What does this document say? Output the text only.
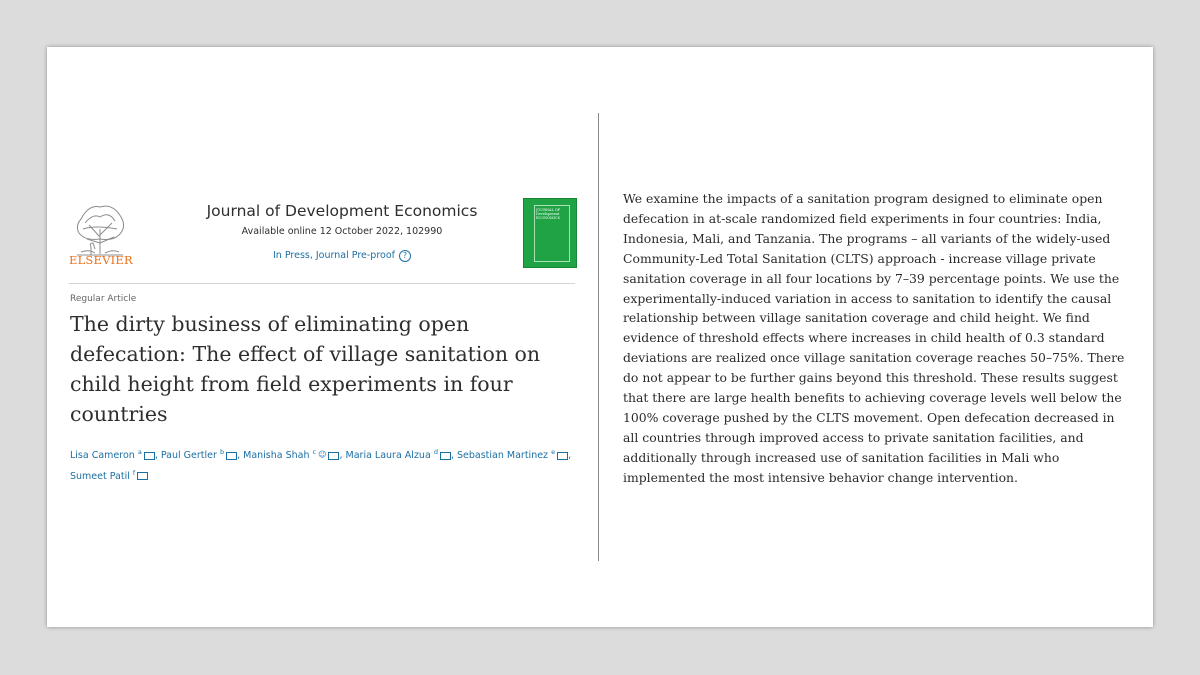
ELSEVIER
Journal of Development Economics
Available online 12 October 2022, 102990
In Press, Journal Pre-proof	?
JOURNAL OF Development ECONOMICS
Regular Article
The dirty business of eliminating open defecation: The effect of village sanitation on child height from field experiments in four countries
Lisa Cameron $^a$ , Paul Gertler $^b$ , Manisha Shah $^c$ ☺ , Maria Laura Alzua $^d$ , Sebastian Martinez $^e$ , Sumeet Patil $^f$

We examine the impacts of a sanitation program designed to eliminate open defecation in at-scale randomized field experiments in four countries: India, Indonesia, Mali, and Tanzania. The programs – all variants of the widely-used Community-Led Total Sanitation (CLTS) approach - increase village private sanitation coverage in all four locations by 7–39 percentage points. We use the experimentally-induced variation in access to sanitation to identify the causal relationship between village sanitation coverage and child height. We find evidence of threshold effects where increases in child health of 0.3 standard deviations are realized once village sanitation coverage reaches 50–75%. There do not appear to be further gains beyond this threshold. These results suggest that there are large health benefits to achieving coverage levels well below the 100% coverage pushed by the CLTS movement. Open defecation decreased in all countries through improved access to private sanitation facilities, and additionally through increased use of sanitation facilities in Mali who implemented the most intensive behavior change intervention.
